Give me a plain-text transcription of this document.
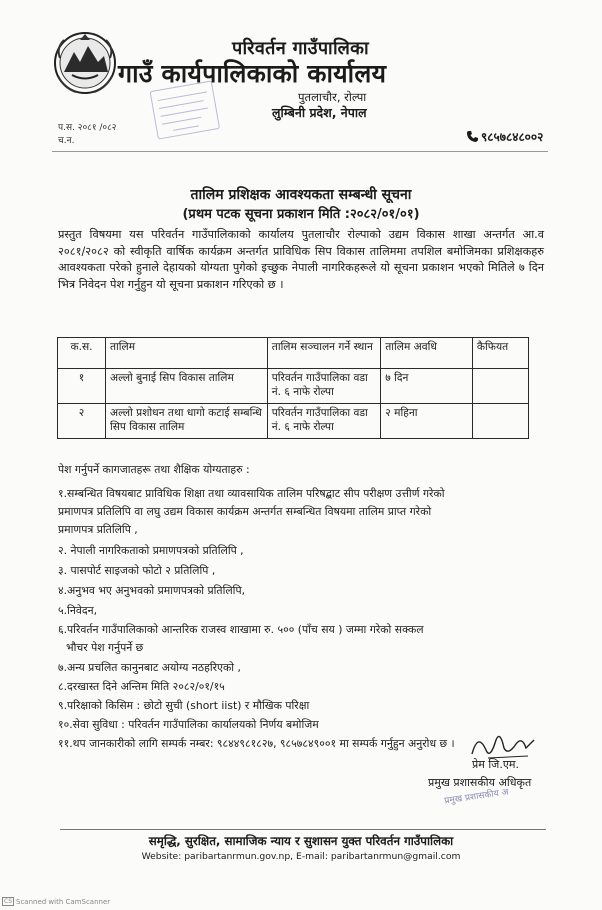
परिवर्तन गाउँपालिका
गाउँ कार्यपालिकाको कार्यालय
पुतलाचौर, रोल्पा
लुम्बिनी प्रदेश, नेपाल
प.स. २०८१ /०८२
च.न.	९८५७८४८००२
तालिम प्रशिक्षक आवश्यकता सम्बन्धी सूचना
(प्रथम पटक सूचना प्रकाशन मिति :२०८२/०१/०१)

प्रस्तुत विषयमा यस परिवर्तन गाउँपालिकाको कार्यालय पुतलाचौर रोल्पाको उद्यम विकास शाखा अन्तर्गत आ.व २०८१/२०८२ को स्वीकृति वार्षिक कार्यक्रम अन्तर्गत प्राविधिक सिप विकास तालिममा तपशिल बमोजिमका प्रशिक्षकहरु आवश्यकता परेको हुनाले देहायको योग्यता पुगेको इच्छुक नेपाली नागरिकहरूले यो सूचना प्रकाशन भएको मितिले ७ दिन भित्र निवेदन पेश गर्नुहुन यो सूचना प्रकाशन गरिएको छ ।

क.स.	तालिम	तालिम सञ्चालन गर्ने स्थान	तालिम अवधि	कैफियत
१	अल्लो बुनाई सिप विकास तालिम	परिवर्तन गाउँपालिका वडा नं. ६ नाफे रोल्पा	७ दिन	
२	अल्लो प्रशोधन तथा धागो कटाई सम्बन्धि सिप विकास तालिम	परिवर्तन गाउँपालिका वडा नं. ६ नाफे रोल्पा	२ महिना	
पेश गर्नुपर्ने कागजातहरू तथा शैक्षिक योग्यताहरु :
१.सम्बन्धित विषयबाट प्राविधिक शिक्षा तथा व्यावसायिक तालिम परिषद्बाट सीप परीक्षण उत्तीर्ण गरेको
प्रमाणपत्र प्रतिलिपि वा लघु उद्यम विकास कार्यक्रम अन्तर्गत सम्बन्धित विषयमा तालिम प्राप्त गरेको
प्रमाणपत्र प्रतिलिपि ,
२. नेपाली नागरिकताको प्रमाणपत्रको प्रतिलिपि ,
३. पासपोर्ट साइजको फोटो २ प्रतिलिपि ,
४.अनुभव भए अनुभवको प्रमाणपत्रको प्रतिलिपि,
५.निवेदन,
६.परिवर्तन गाउँपालिकाको आन्तरिक राजस्व शाखामा रु. ५०० (पाँच सय ) जम्मा गरेको सक्कल
भौचर पेश गर्नुपर्ने छ
७.अन्य प्रचलित कानुनबाट अयोग्य नठहरिएको ,
८.दरखास्त दिने अन्तिम मिति २०८२/०१/१५
९.परिक्षाको किसिम : छोटो सुची (short iist) र मौखिक परिक्षा
१०.सेवा सुविधा : परिवर्तन गाउँपालिका कार्यालयको निर्णय बमोजिम
११.थप जानकारीको लागि सम्पर्क नम्बर: ९८४४९८१८२७, ९८५७८४९००१ मा सम्पर्क गर्नुहुन अनुरोध छ ।
प्रेम जि.एम.
प्रमुख प्रशासकीय अधिकृत
प्रमुख प्रशासकीय अ
समृद्धि, सुरक्षित, सामाजिक न्याय र सुशासन युक्त परिवर्तन गाउँपालिका
Website: paribartanrmun.gov.np, E-mail: paribartanrmun@gmail.com
CS Scanned with CamScanner
